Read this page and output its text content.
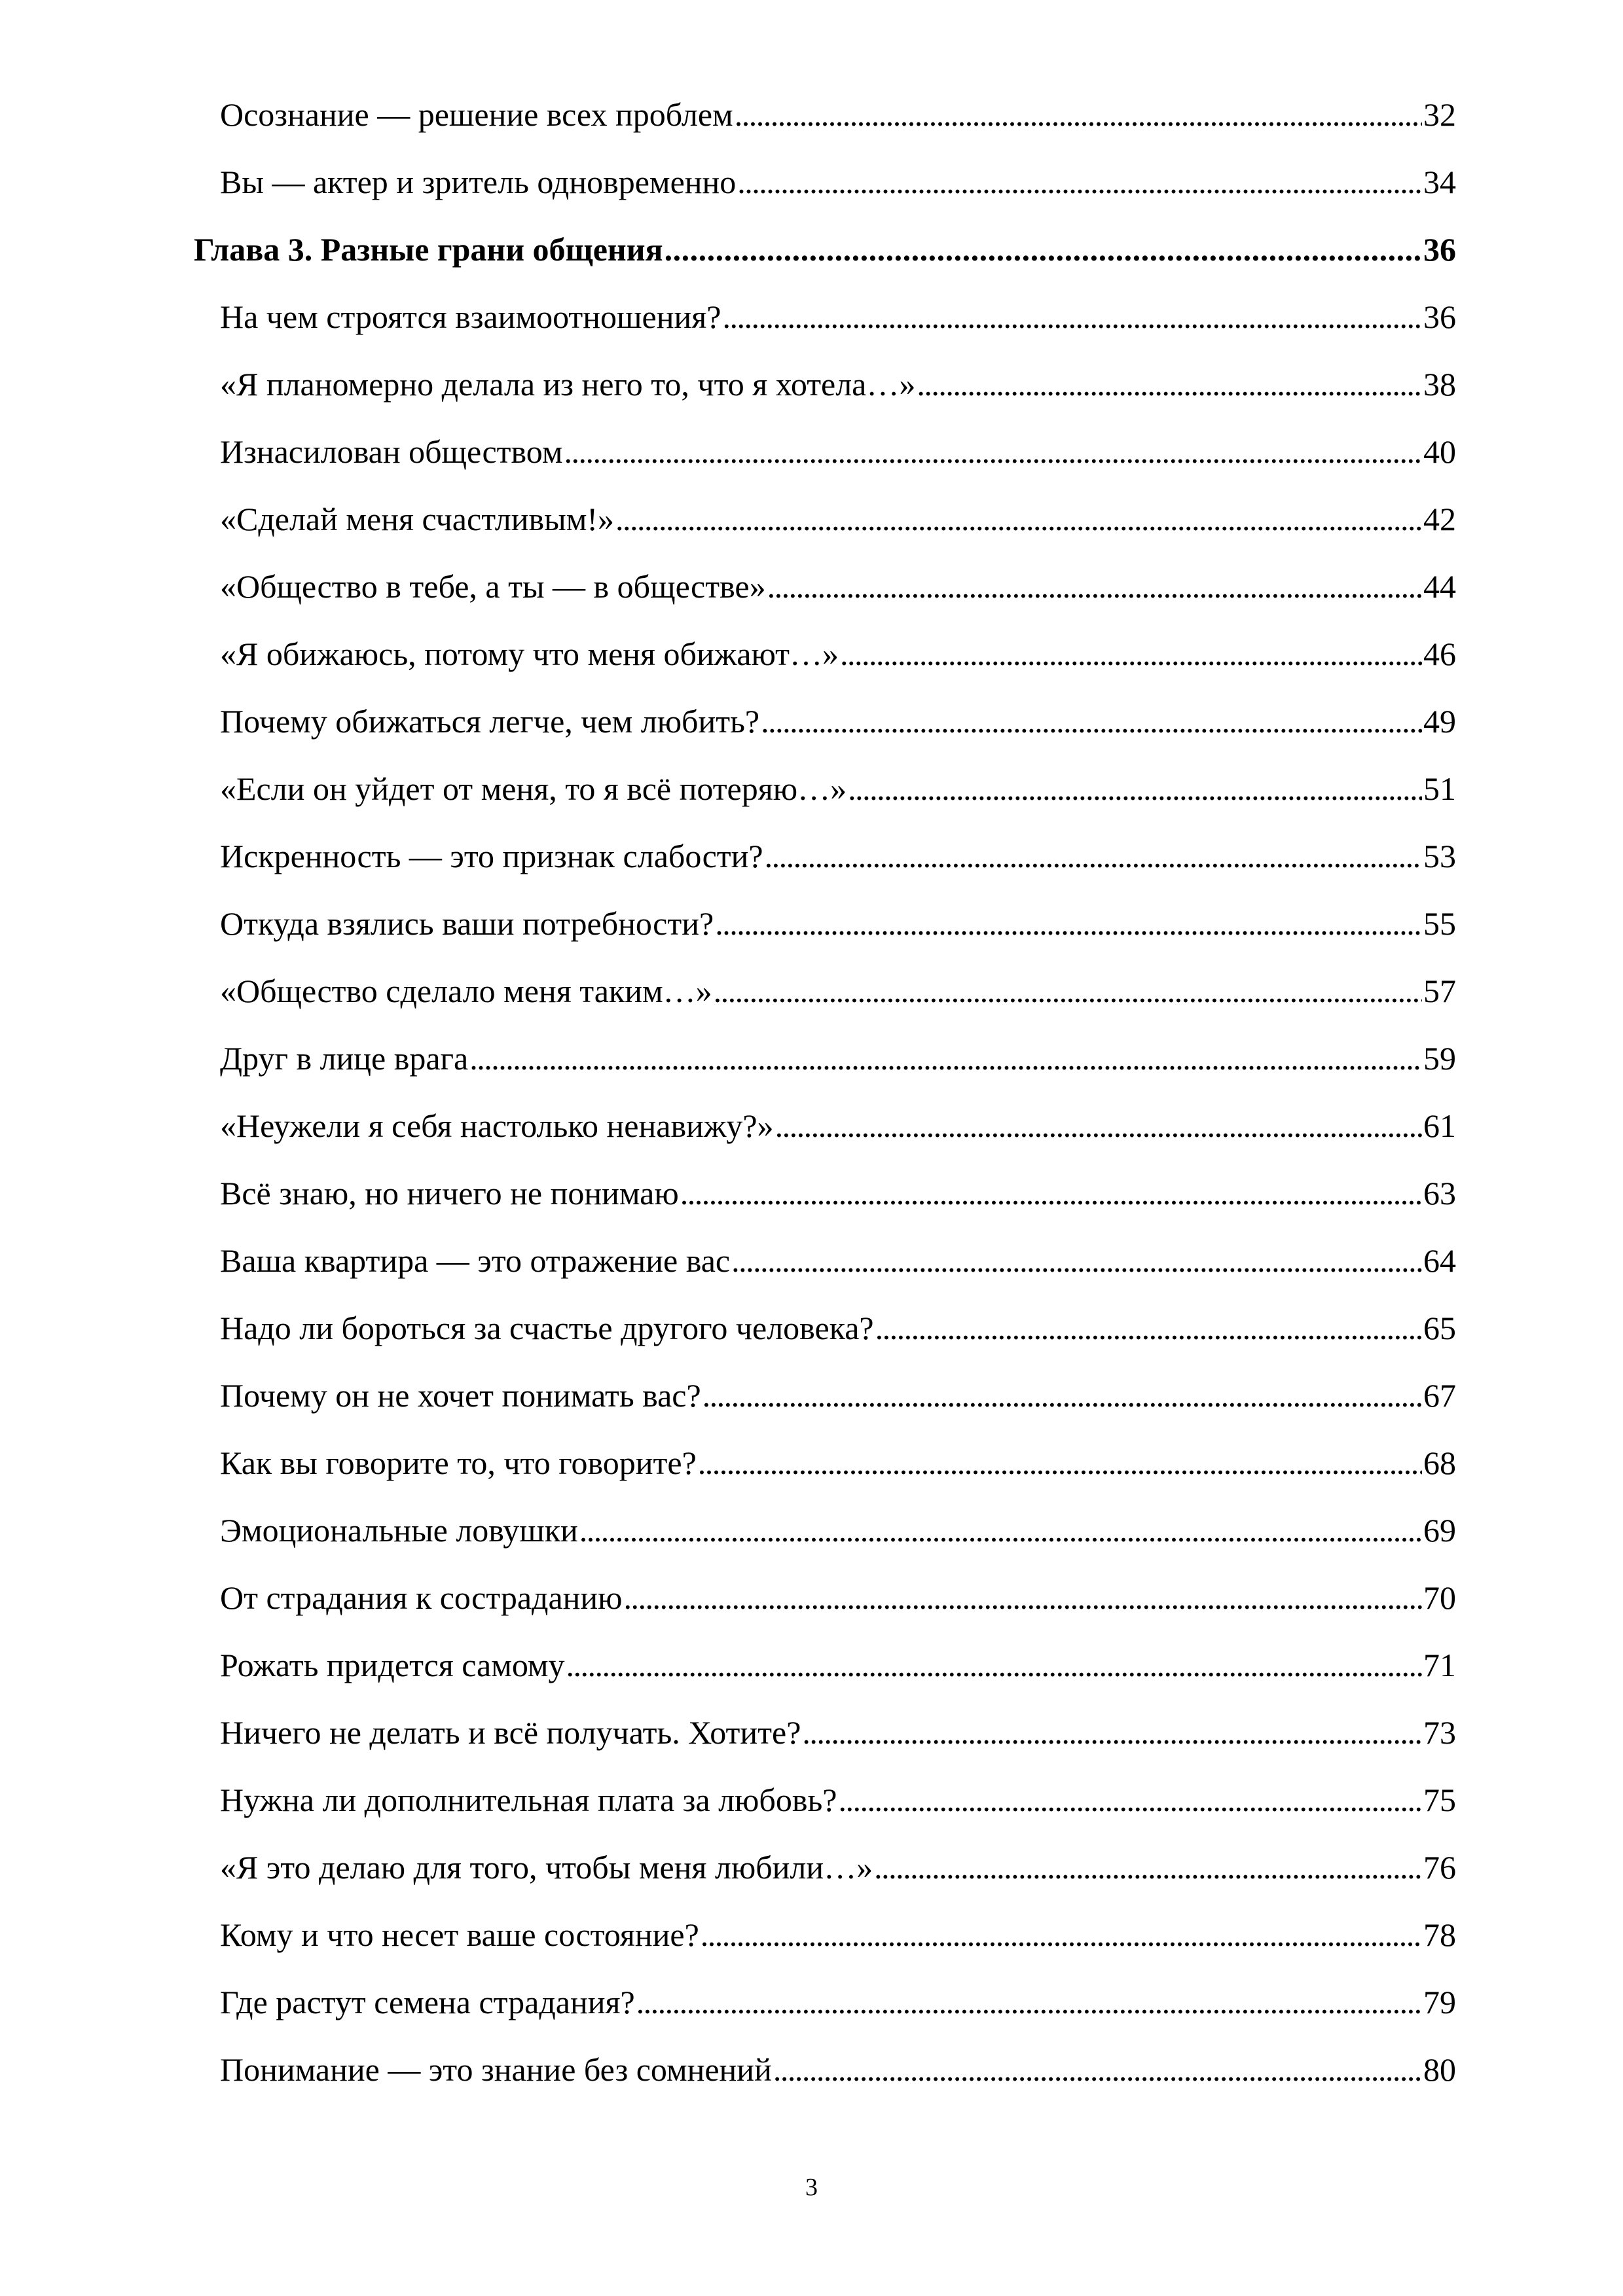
Осознание — решение всех проблем . . .	32
Вы — актер и зритель одновременно . . .	34
Глава 3. Разные грани общения . . .	36
На чем строятся взаимоотношения? . . .	36
«Я планомерно делала из него то, что я хотела…» . . .	38
Изнасилован обществом . . .	40
«Сделай меня счастливым!» . . .	42
«Общество в тебе, а ты — в обществе» . . .	44
«Я обижаюсь, потому что меня обижают…» . . .	46
Почему обижаться легче, чем любить? . . .	49
«Если он уйдет от меня, то я всё потеряю…» . . .	51
Искренность — это признак слабости? . . .	53
Откуда взялись ваши потребности? . . .	55
«Общество сделало меня таким…» . . .	57
Друг в лице врага . . .	59
«Неужели я себя настолько ненавижу?» . . .	61
Всё знаю, но ничего не понимаю . . .	63
Ваша квартира — это отражение вас . . .	64
Надо ли бороться за счастье другого человека? . . .	65
Почему он не хочет понимать вас? . . .	67
Как вы говорите то, что говорите? . . .	68
Эмоциональные ловушки . . .	69
От страдания к состраданию . . .	70
Рожать придется самому . . .	71
Ничего не делать и всё получать. Хотите? . . .	73
Нужна ли дополнительная плата за любовь? . . .	75
«Я это делаю для того, чтобы меня любили…» . . .	76
Кому и что несет ваше состояние? . . .	78
Где растут семена страдания? . . .	79
Понимание — это знание без сомнений . . .	80
3
